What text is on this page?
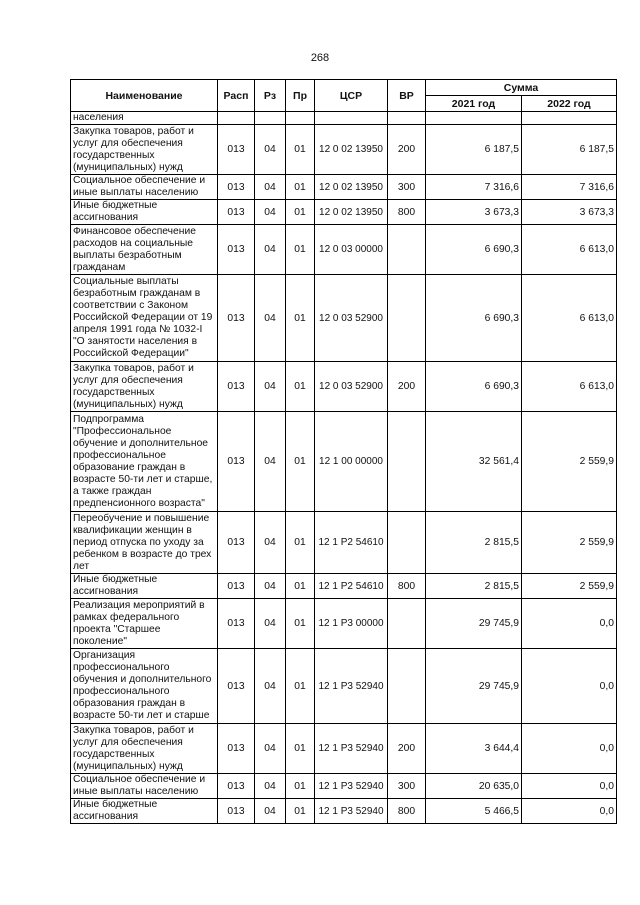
268
Наименование	Расп	Рз	Пр	ЦСР	ВР	Сумма	
						2021 год	2022 год
населения							
Закупка товаров, работ и услуг для обеспечения государственных (муниципальных) нужд	013	04	01	12 0 02 13950	200	6 187,5	6 187,5
Социальное обеспечение и иные выплаты населению	013	04	01	12 0 02 13950	300	7 316,6	7 316,6
Иные бюджетные ассигнования	013	04	01	12 0 02 13950	800	3 673,3	3 673,3
Финансовое обеспечение расходов на социальные выплаты безработным гражданам	013	04	01	12 0 03 00000		6 690,3	6 613,0
Социальные выплаты безработным гражданам в соответствии с Законом Российской Федерации от 19 апреля 1991 года № 1032-I "О занятости населения в Российской Федерации"	013	04	01	12 0 03 52900		6 690,3	6 613,0
Закупка товаров, работ и услуг для обеспечения государственных (муниципальных) нужд	013	04	01	12 0 03 52900	200	6 690,3	6 613,0
Подпрограмма "Профессиональное обучение и дополнительное профессиональное образование граждан в возрасте 50-ти лет и старше, а также граждан предпенсионного возраста"	013	04	01	12 1 00 00000		32 561,4	2 559,9
Переобучение и повышение квалификации женщин в период отпуска по уходу за ребенком в возрасте до трех лет	013	04	01	12 1 P2 54610		2 815,5	2 559,9
Иные бюджетные ассигнования	013	04	01	12 1 P2 54610	800	2 815,5	2 559,9
Реализация мероприятий в рамках федерального проекта "Старшее поколение"	013	04	01	12 1 P3 00000		29 745,9	0,0
Организация профессионального обучения и дополнительного профессионального образования граждан в возрасте 50-ти лет и старше	013	04	01	12 1 P3 52940		29 745,9	0,0
Закупка товаров, работ и услуг для обеспечения государственных (муниципальных) нужд	013	04	01	12 1 P3 52940	200	3 644,4	0,0
Социальное обеспечение и иные выплаты населению	013	04	01	12 1 P3 52940	300	20 635,0	0,0
Иные бюджетные ассигнования	013	04	01	12 1 P3 52940	800	5 466,5	0,0
